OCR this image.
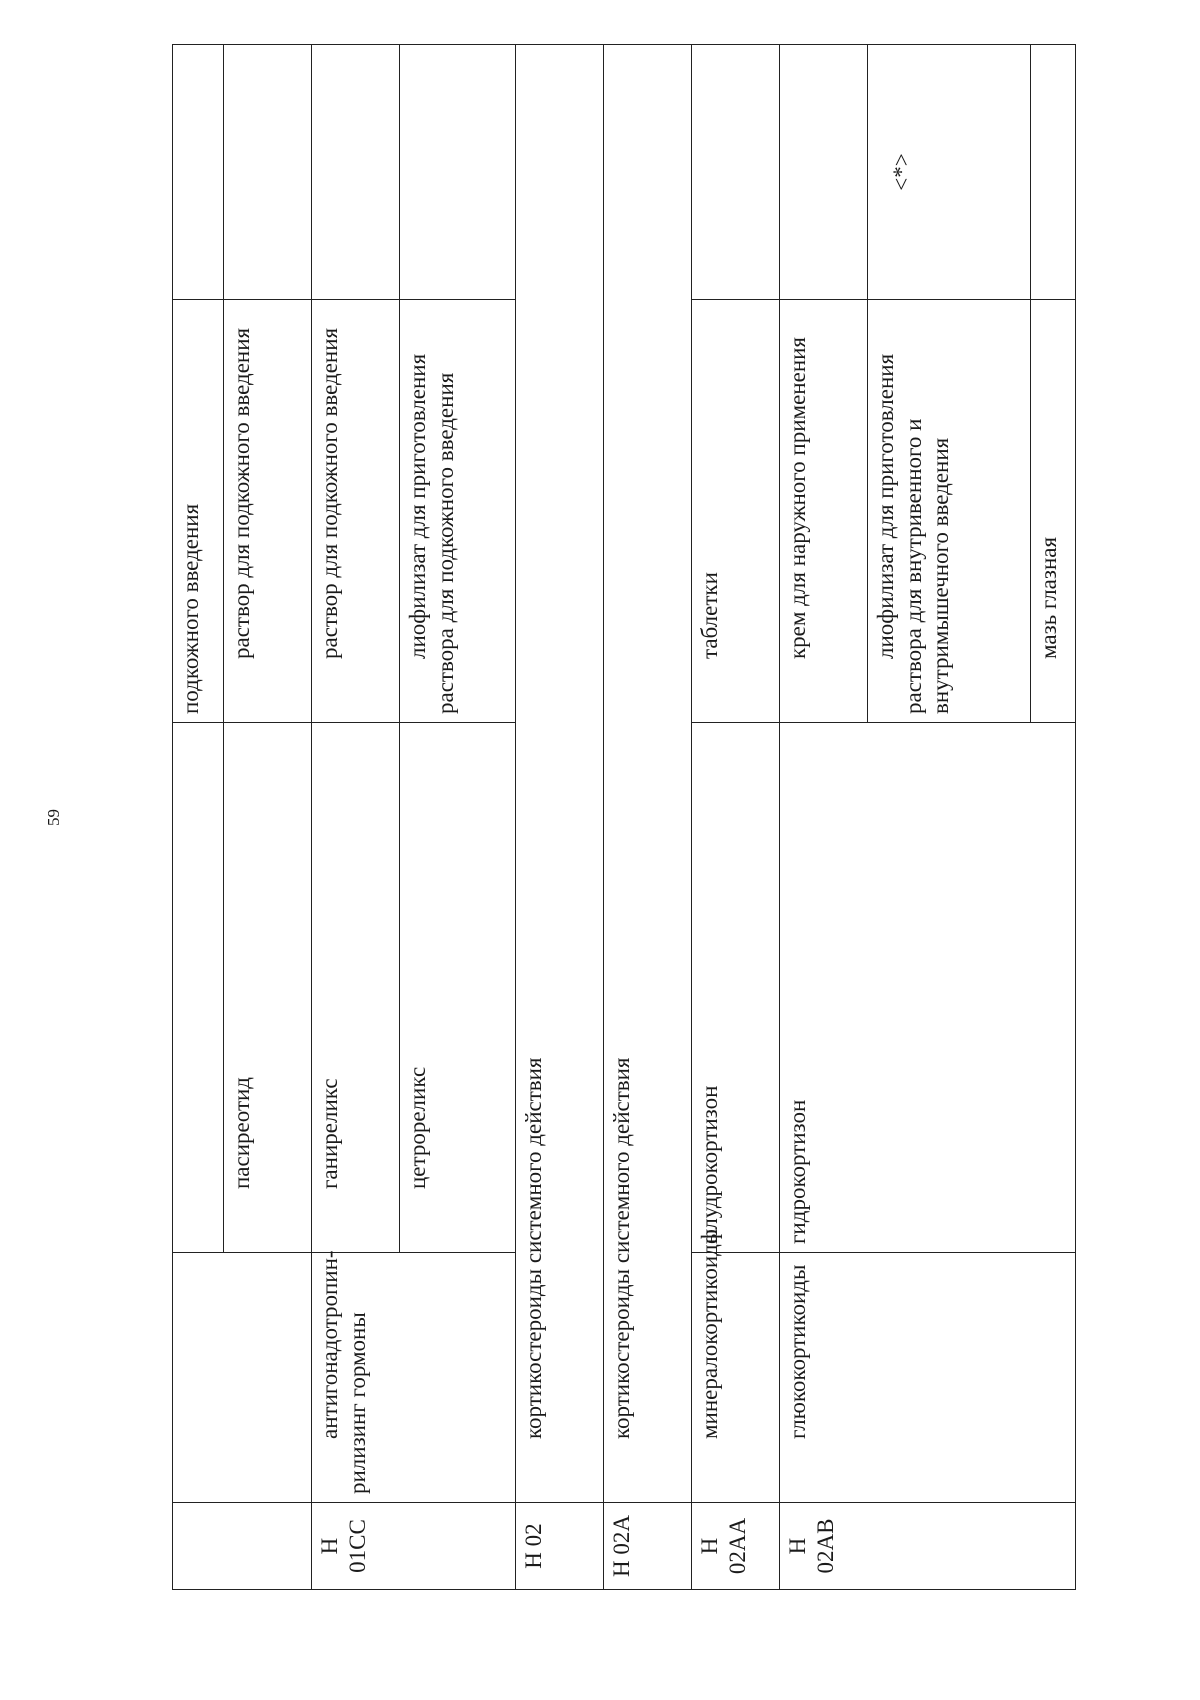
59
			подкожного введения	
		пасиреотид	раствор для подкожного введения	
Н 01СС	антигонадотропин-рилизинг гормоны	ганиреликс	раствор для подкожного введения	
		цетрореликс	лиофилизат для приготовления раствора для подкожного введения	
Н 02	кортикостероиды системного действия			
Н 02А	кортикостероиды системного действия			
Н 02АА	минералокортикоиды	флудрокортизон	таблетки	
Н 02АВ	глюкокортикоиды	гидрокортизон	крем для наружного применения	
			лиофилизат для приготовления раствора для внутривенного и внутримышечного введения	<*>
			мазь глазная	
